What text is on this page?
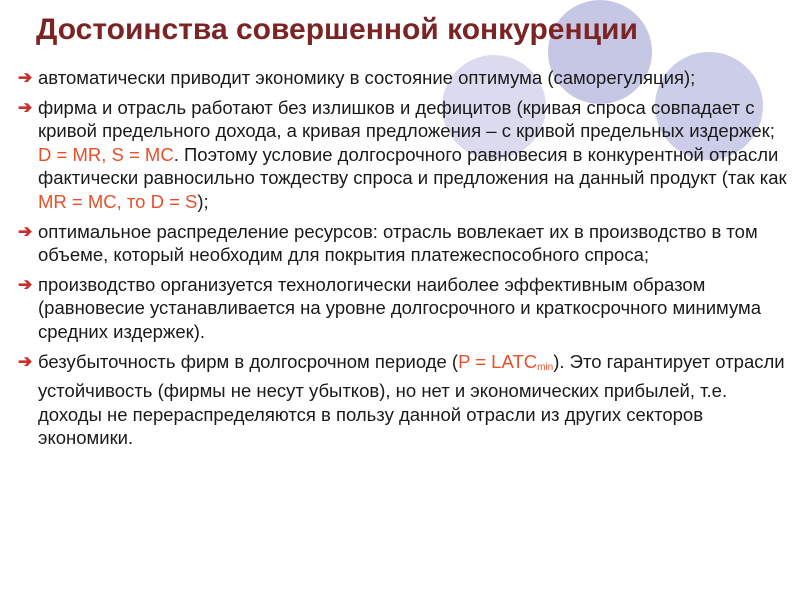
Достоинства совершенной конкуренции
➔ автоматически приводит экономику в состояние оптимума (саморегуляция);
➔ фирма и отрасль работают без излишков и дефицитов (кривая спроса совпадает с кривой предельного дохода, а кривая предложения – с кривой предельных издержек; D = MR, S = MC. Поэтому условие долгосрочного равновесия в конкурентной отрасли фактически равносильно тождеству спроса и предложения на данный продукт (так как MR = MC, то D = S);
➔ оптимальное распределение ресурсов: отрасль вовлекает их в производство в том объеме, который необходим для покрытия платежеспособного спроса;
➔ производство организуется технологически наиболее эффективным образом (равновесие устанавливается на уровне долгосрочного и краткосрочного минимума средних издержек).
➔ безубыточность фирм в долгосрочном периоде $(P = LATC_{min})$. Это гарантирует отрасли устойчивость (фирмы не несут убытков), но нет и экономических прибылей, т.е. доходы не перераспределяются в пользу данной отрасли из других секторов экономики.
